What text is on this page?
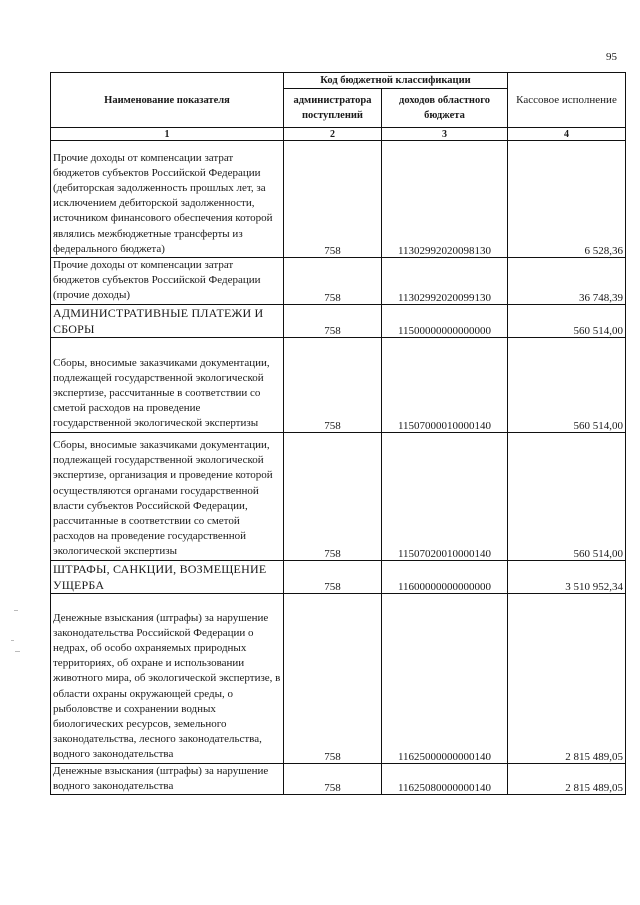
95
Наименование показателя	Код бюджетной классификации		Кассовое исполнение
	администратора поступлений	доходов областного бюджета	
1	2	3	4
Прочие доходы от компенсации затрат бюджетов субъектов Российской Федерации (дебиторская задолженность прошлых лет, за исключением дебиторской задолженности, источником финансового обеспечения которой являлись межбюджетные трансферты из федерального бюджета)	758	11302992020098130	6 528,36
Прочие доходы от компенсации затрат бюджетов субъектов Российской Федерации (прочие доходы)	758	11302992020099130	36 748,39
АДМИНИСТРАТИВНЫЕ ПЛАТЕЖИ И СБОРЫ	758	11500000000000000	560 514,00
Сборы, вносимые заказчиками документации, подлежащей государственной экологической экспертизе, рассчитанные в соответствии со сметой расходов на проведение государственной экологической экспертизы	758	11507000010000140	560 514,00
Сборы, вносимые заказчиками документации, подлежащей государственной экологической экспертизе, организация и проведение которой осуществляются органами государственной власти субъектов Российской Федерации, рассчитанные в соответствии со сметой расходов на проведение государственной экологической экспертизы	758	11507020010000140	560 514,00
ШТРАФЫ, САНКЦИИ, ВОЗМЕЩЕНИЕ УЩЕРБА	758	11600000000000000	3 510 952,34
Денежные взыскания (штрафы) за нарушение законодательства Российской Федерации о недрах, об особо охраняемых природных территориях, об охране и использовании животного мира, об экологической экспертизе, в области охраны окружающей среды, о рыболовстве и сохранении водных биологических ресурсов, земельного законодательства, лесного законодательства, водного законодательства	758	11625000000000140	2 815 489,05
Денежные взыскания (штрафы) за нарушение водного законодательства	758	11625080000000140	2 815 489,05
